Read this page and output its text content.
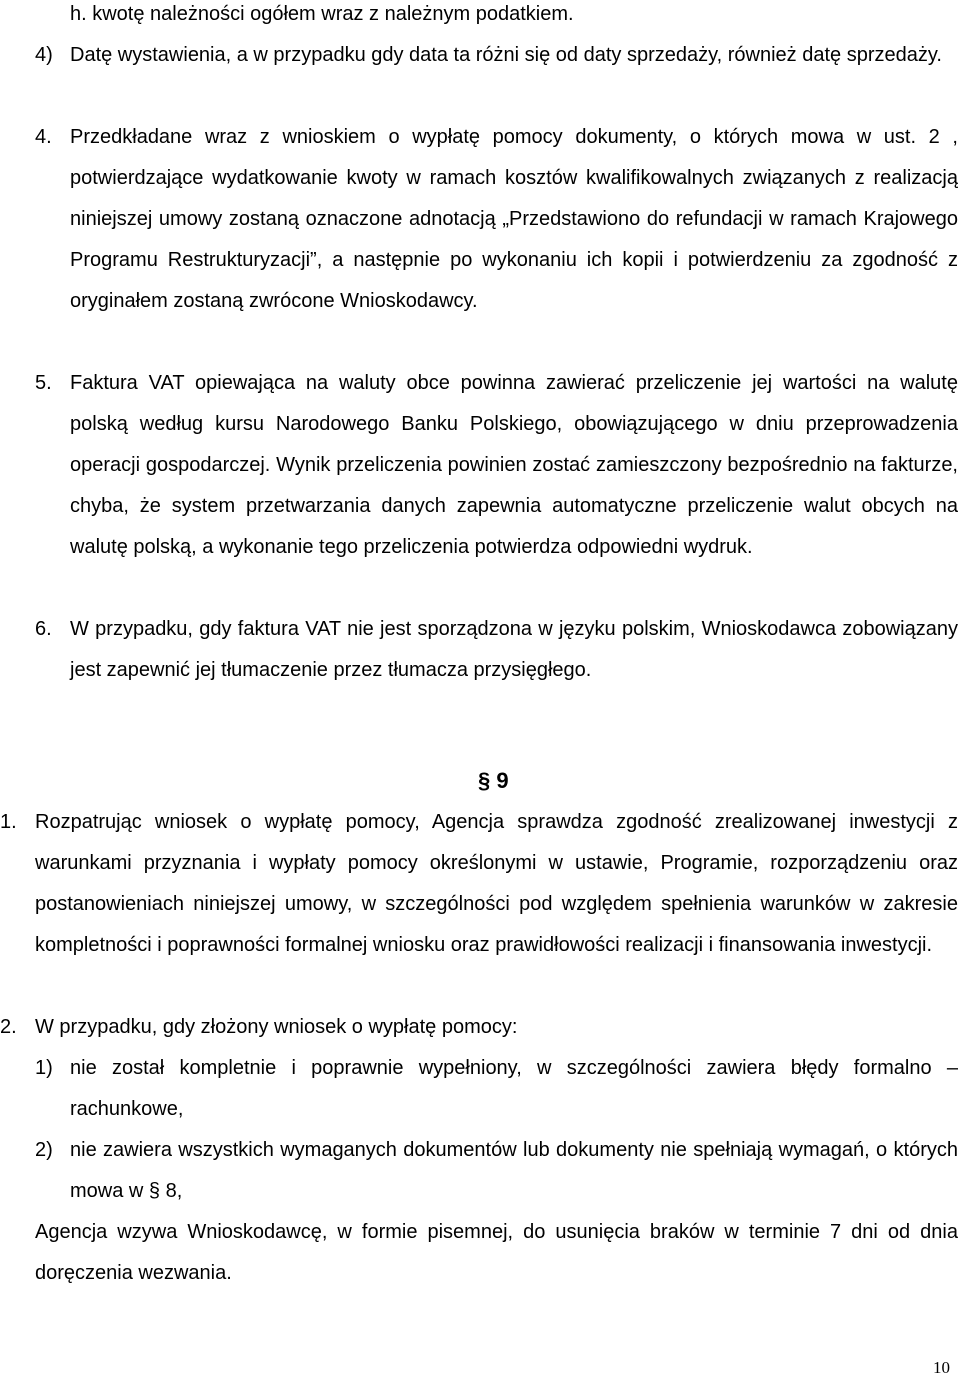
h. kwotę należności ogółem wraz z należnym podatkiem.
4) Datę wystawienia, a w przypadku gdy data ta różni się od daty sprzedaży, również datę sprzedaży.
4. Przedkładane wraz z wnioskiem o wypłatę pomocy dokumenty, o których mowa w ust. 2 , potwierdzające wydatkowanie kwoty w ramach kosztów kwalifikowalnych związanych z realizacją niniejszej umowy zostaną oznaczone adnotacją „Przedstawiono do refundacji w ramach Krajowego Programu Restrukturyzacji”, a następnie po wykonaniu ich kopii i potwierdzeniu za zgodność z oryginałem zostaną zwrócone Wnioskodawcy.
5. Faktura VAT opiewająca na waluty obce powinna zawierać przeliczenie jej wartości na walutę polską według kursu Narodowego Banku Polskiego, obowiązującego w dniu przeprowadzenia operacji gospodarczej. Wynik przeliczenia powinien zostać zamieszczony bezpośrednio na fakturze, chyba, że system przetwarzania danych zapewnia automatyczne przeliczenie walut obcych na walutę polską, a wykonanie tego przeliczenia potwierdza odpowiedni wydruk.
6. W przypadku, gdy faktura VAT nie jest sporządzona w języku polskim, Wnioskodawca zobowiązany jest zapewnić jej tłumaczenie przez tłumacza przysięgłego.
§ 9
1. Rozpatrując wniosek o wypłatę pomocy, Agencja sprawdza zgodność zrealizowanej inwestycji z warunkami przyznania i wypłaty pomocy określonymi w ustawie, Programie, rozporządzeniu oraz postanowieniach niniejszej umowy, w szczególności pod względem spełnienia warunków w zakresie kompletności i poprawności formalnej wniosku oraz prawidłowości realizacji i finansowania inwestycji.
2. W przypadku, gdy złożony wniosek o wypłatę pomocy:
1) nie został kompletnie i poprawnie wypełniony, w szczególności zawiera błędy formalno – rachunkowe,
2) nie zawiera wszystkich wymaganych dokumentów lub dokumenty nie spełniają wymagań, o których mowa w § 8,
Agencja wzywa Wnioskodawcę, w formie pisemnej, do usunięcia braków w terminie 7 dni od dnia doręczenia wezwania.
10
